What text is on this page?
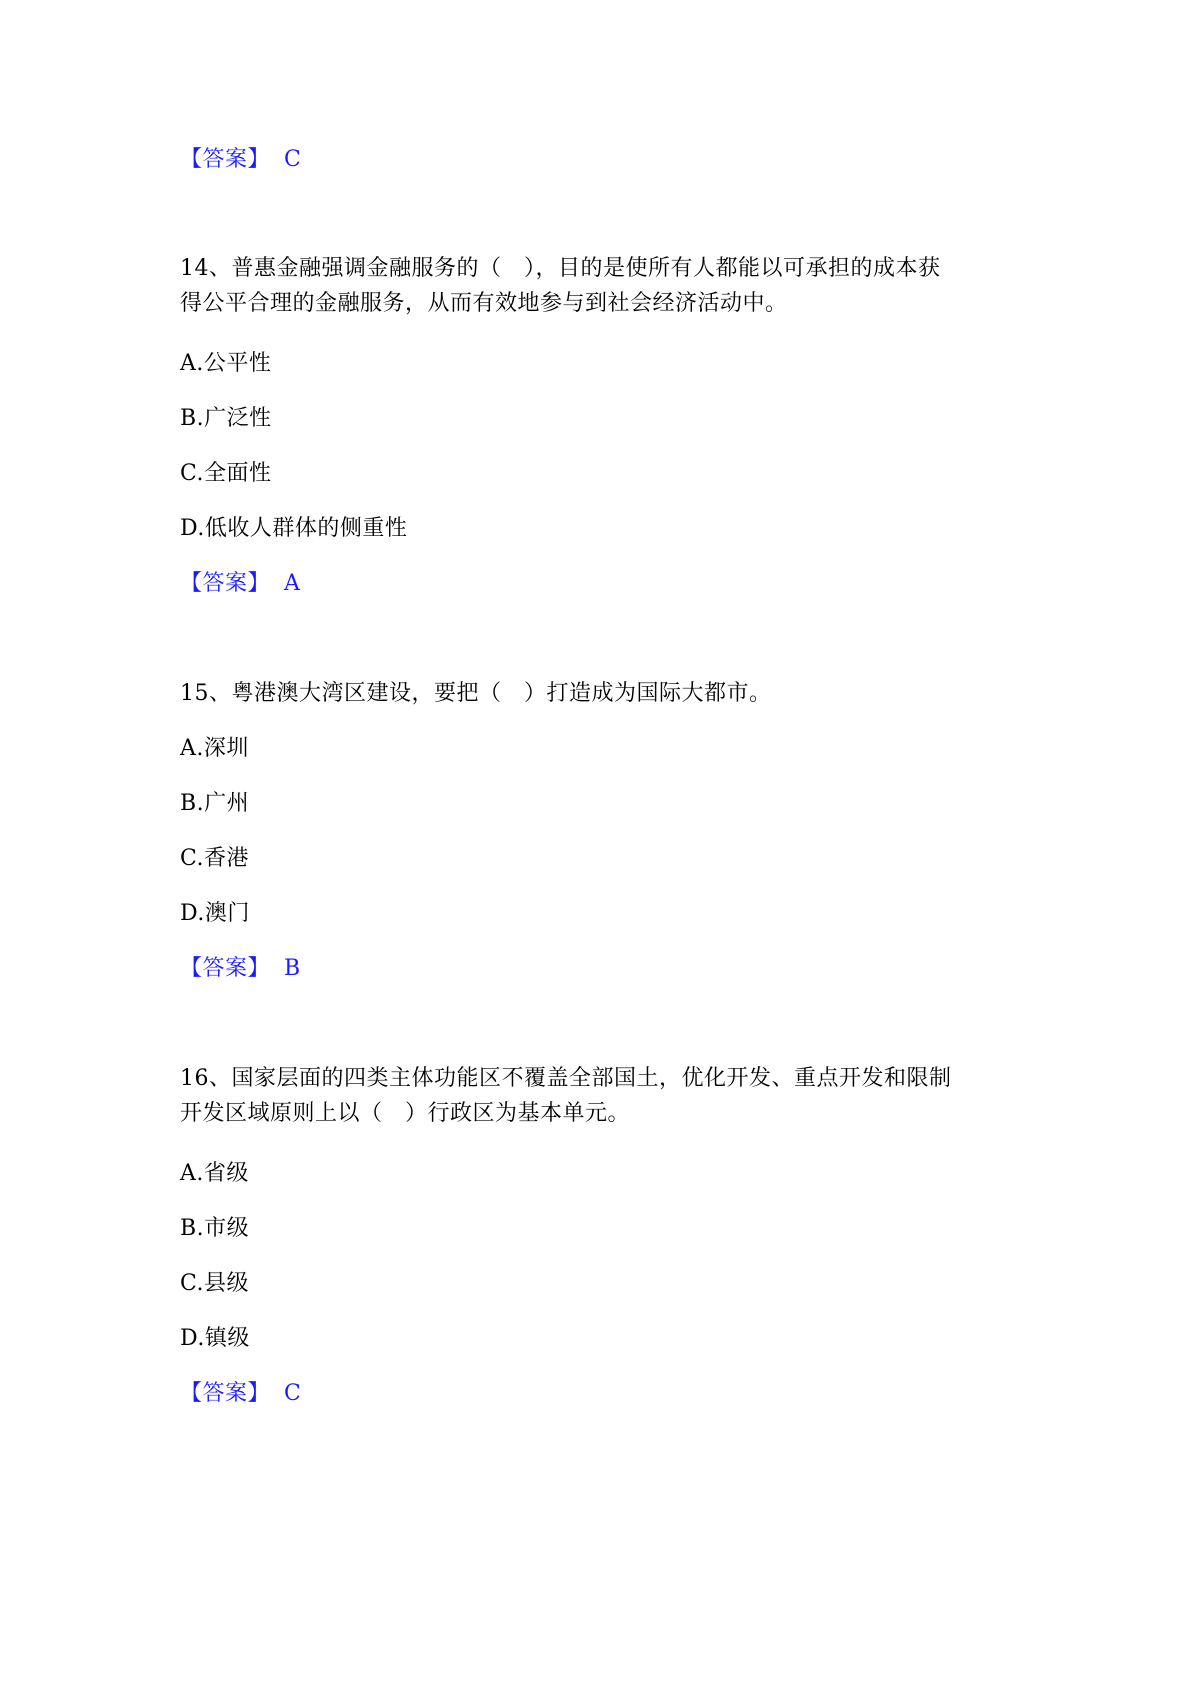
【答案】 C
14、普惠金融强调金融服务的（　），目的是使所有人都能以可承担的成本获
得公平合理的金融服务，从而有效地参与到社会经济活动中。
A.公平性
B.广泛性
C.全面性
D.低收人群体的侧重性
【答案】 A
15、粤港澳大湾区建设，要把（　）打造成为国际大都市。
A.深圳
B.广州
C.香港
D.澳门
【答案】 B
16、国家层面的四类主体功能区不覆盖全部国土，优化开发、重点开发和限制
开发区域原则上以（　）行政区为基本单元。
A.省级
B.市级
C.县级
D.镇级
【答案】 C
